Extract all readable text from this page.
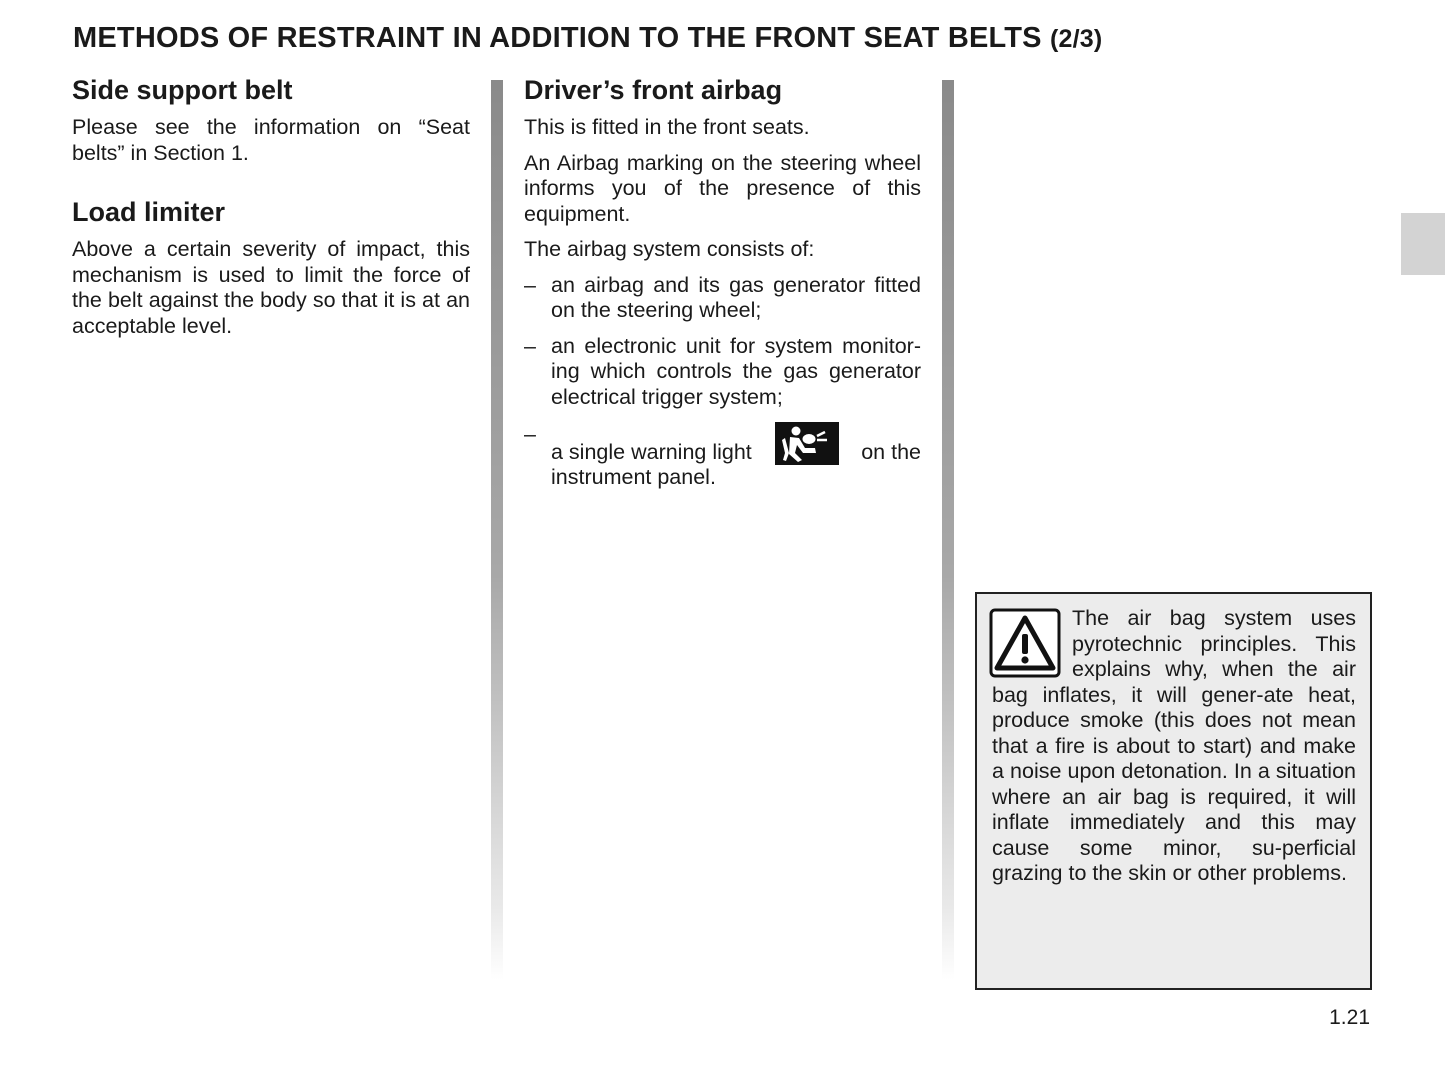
METHODS OF RESTRAINT IN ADDITION TO THE FRONT SEAT BELTS (2/3)
Side support belt

Please see the information on “Seat belts” in Section 1.

Load limiter

Above a certain severity of impact, this mechanism is used to limit the force of the belt against the body so that it is at an acceptable level.

Driver’s front airbag

This is fitted in the front seats.

An Airbag marking on the steering wheel informs you of the presence of this equipment.

The airbag system consists of:

– an airbag and its gas generator fitted on the steering wheel;
– an electronic unit for system monitor-ing which controls the gas generator electrical trigger system;
–
a single warning light	on the
instrument panel.

The air bag system uses pyrotechnic principles. This explains why, when the air bag inflates, it will gener-ate heat, produce smoke (this does not mean that a fire is about to start) and make a noise upon detonation. In a situation where an air bag is required, it will inflate immediately and this may cause some minor, su-perficial grazing to the skin or other problems.

1.21
